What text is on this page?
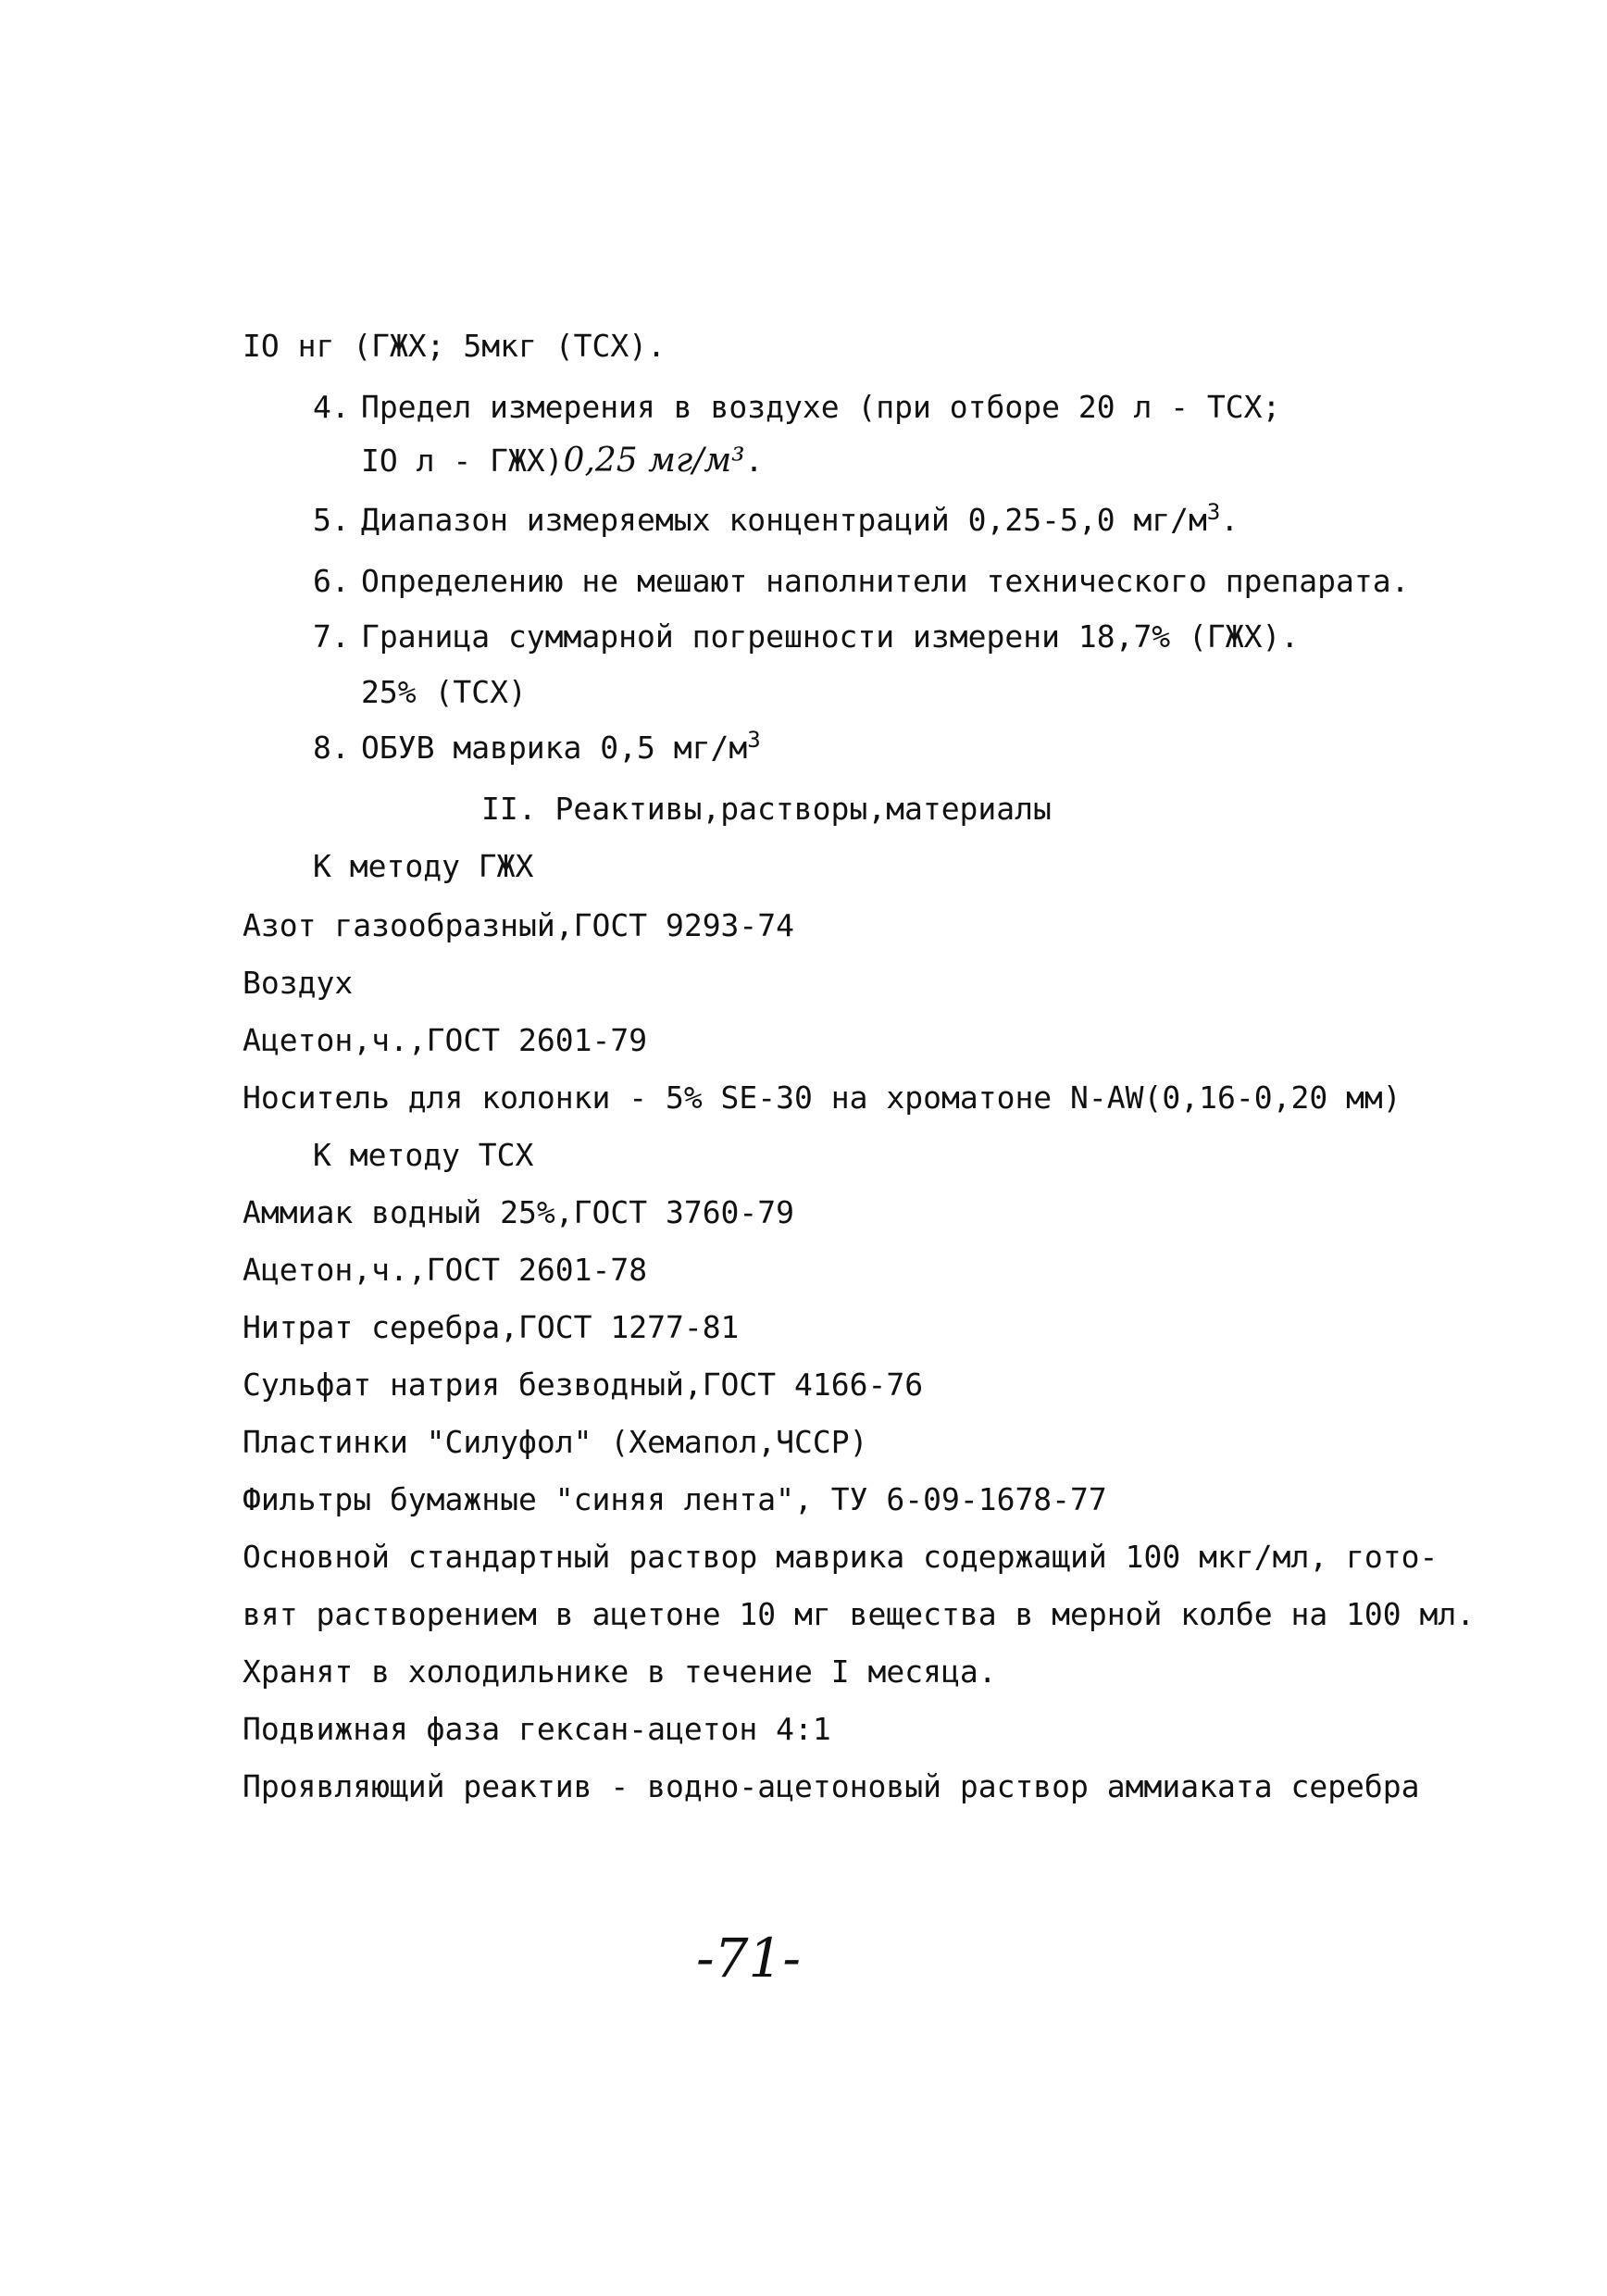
IO нг (ГЖХ; 5мкг (ТСХ).
4. Предел измерения в воздухе (при отборе 20 л - ТСХ;
IO л - ГЖХ)0,25 мг/м³.
5. Диапазон измеряемых концентраций 0,25-5,0 $мг/м^3$.
6. Определению не мешают наполнители технического препарата.
7. Граница суммарной погрешности измерени 18,7% (ГЖХ).
25% (ТСХ)
8. ОБУВ маврика 0,5 $мг/м^3$
II. Реактивы,растворы,материалы
К методу ГЖХ
Азот газообразный,ГОСТ 9293-74
Воздух
Ацетон,ч.,ГОСТ 2601-79
Носитель для колонки - 5% SE-30 на хроматоне N-AW(0,16-0,20 мм)
К методу ТСХ
Аммиак водный 25%,ГОСТ 3760-79
Ацетон,ч.,ГОСТ 2601-78
Нитрат серебра,ГОСТ 1277-81
Сульфат натрия безводный,ГОСТ 4166-76
Пластинки "Силуфол" (Хемапол,ЧССР)
Фильтры бумажные "синяя лента", ТУ 6-09-1678-77
Основной стандартный раствор маврика содержащий 100 мкг/мл, гото-
вят растворением в ацетоне 10 мг вещества в мерной колбе на 100 мл.
Хранят в холодильнике в течение I месяца.
Подвижная фаза гексан-ацетон 4:1
Проявляющий реактив - водно-ацетоновый раствор аммиаката серебра
-71-
